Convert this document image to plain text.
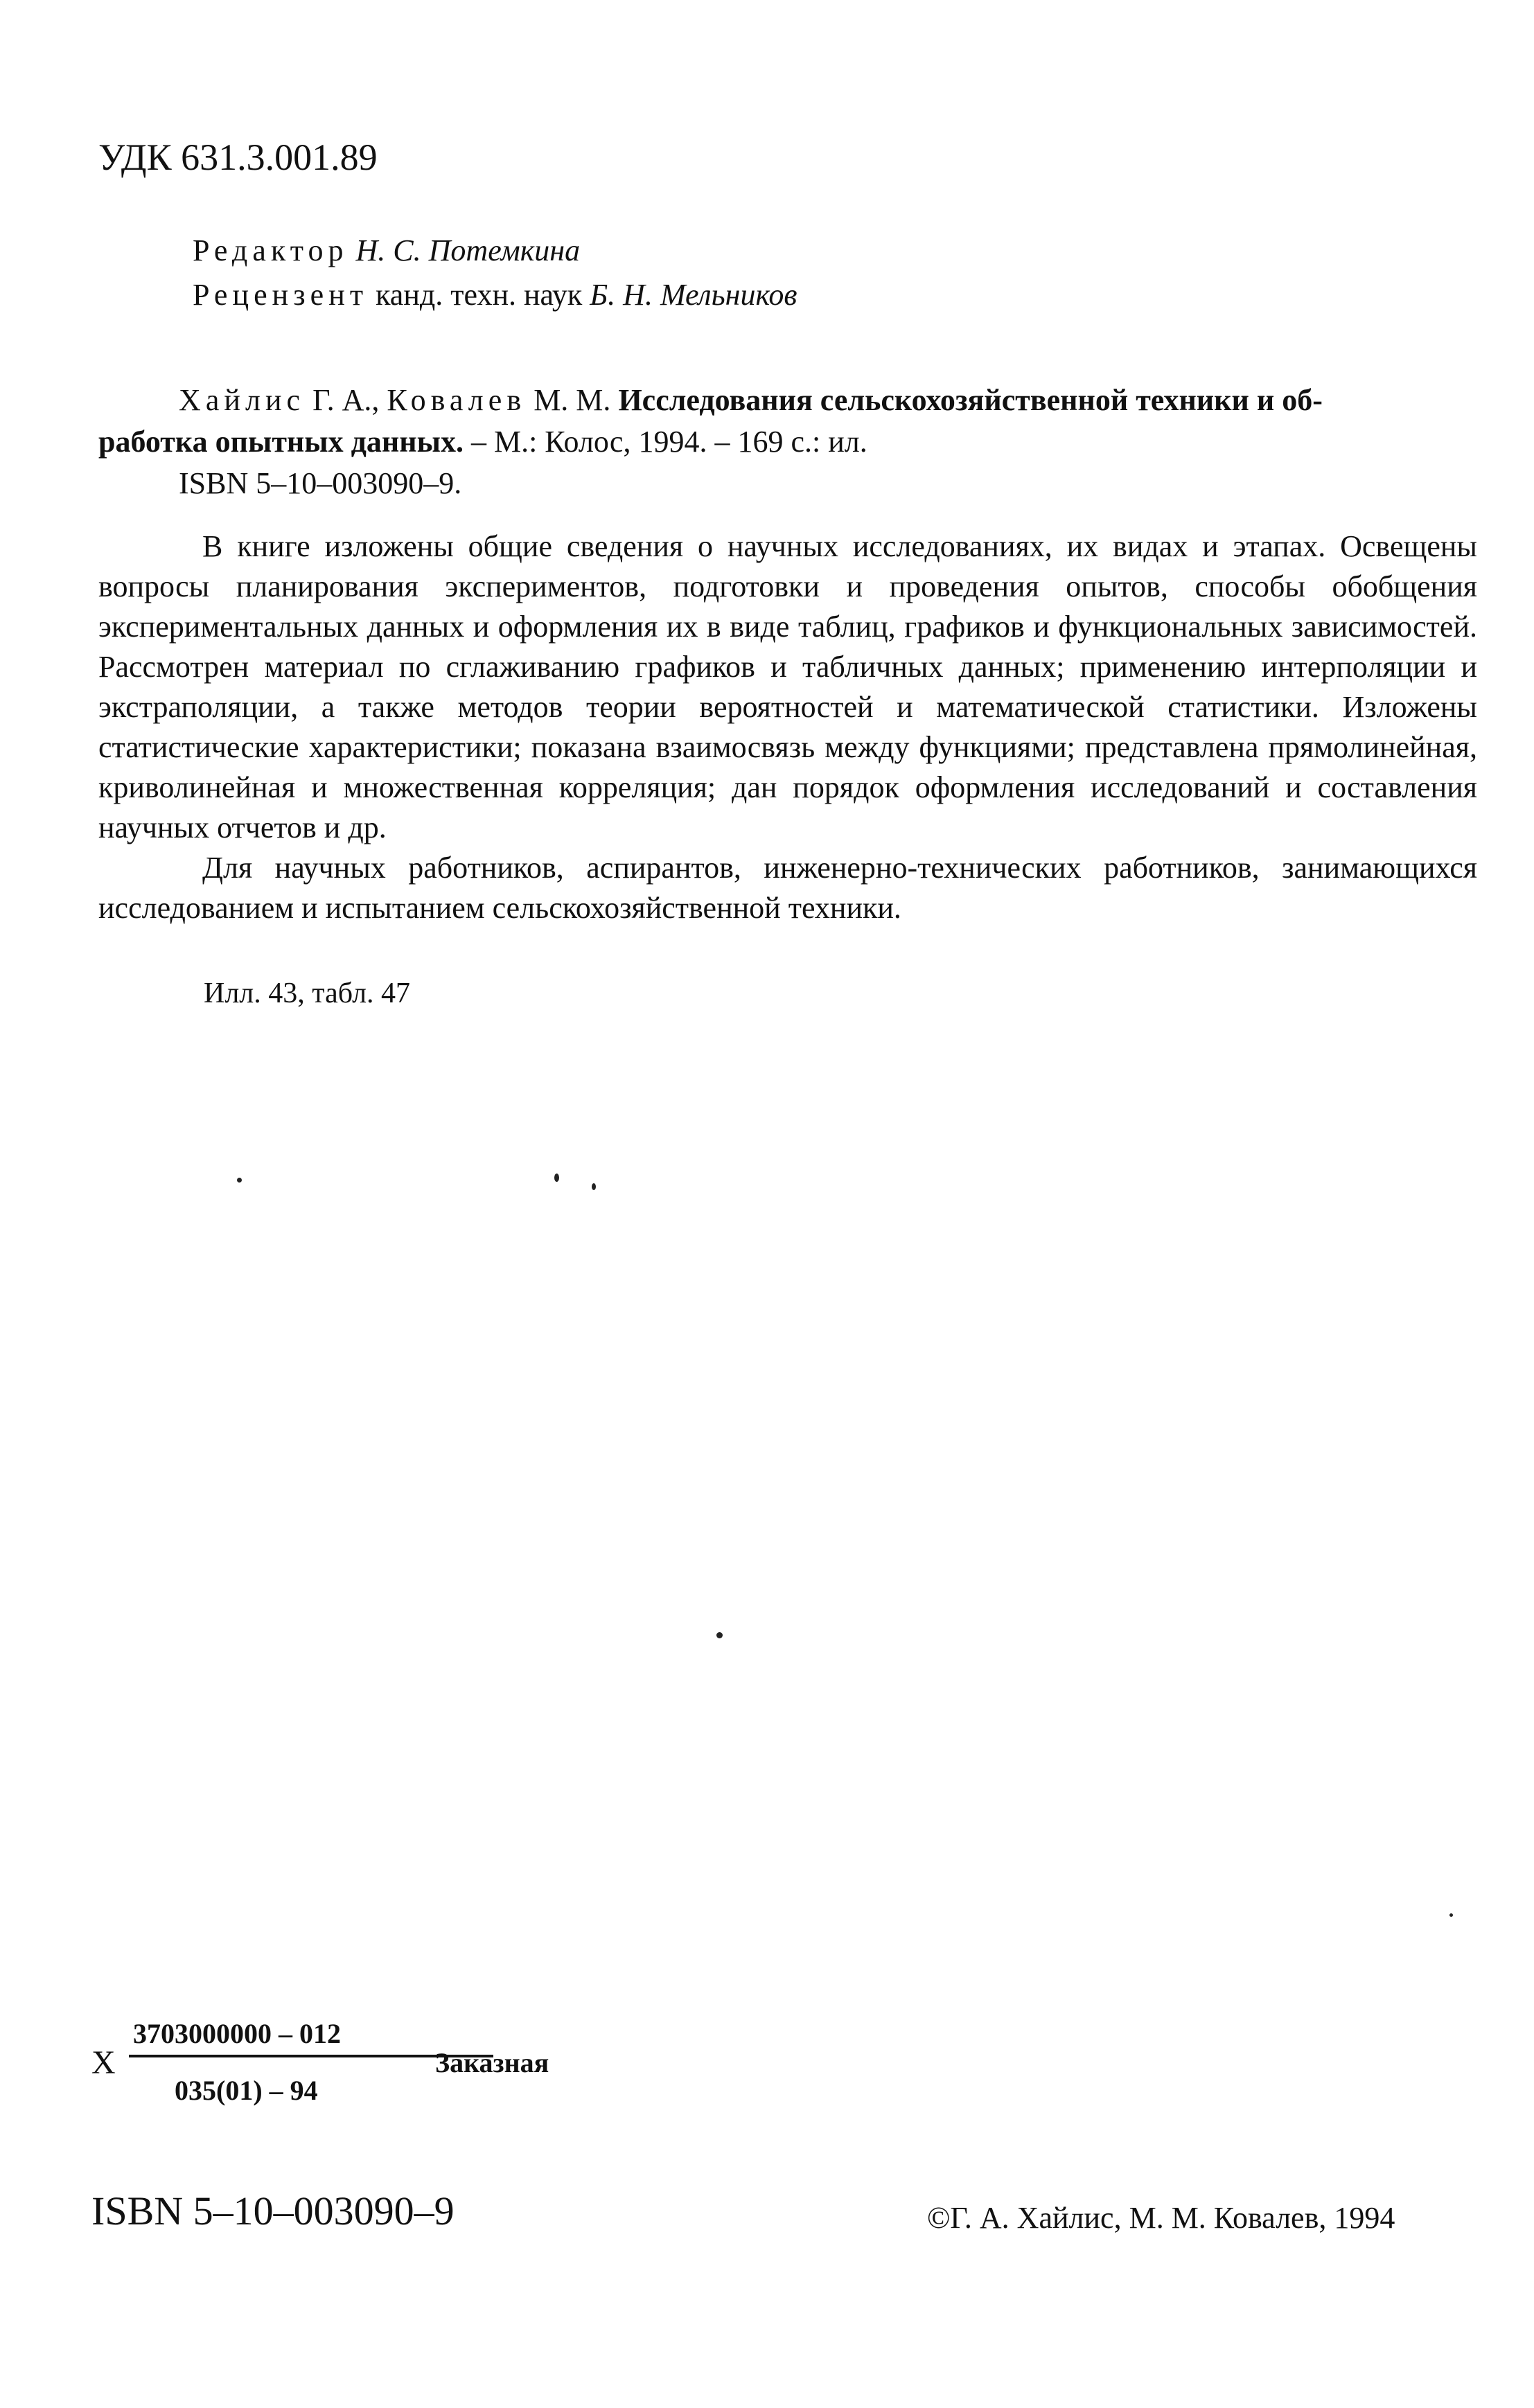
УДК 631.3.001.89
Редактор Н. С. Потемкина
Рецензент канд. техн. наук Б. Н. Мельников
Хайлис Г. А., Ковалев М. М. Исследования сельскохозяйственной техники и об-
работка опытных данных. – М.: Колос, 1994. – 169 с.: ил.
ISBN 5–10–003090–9.

В книге изложены общие сведения о научных исследованиях, их видах и этапах. Освещены вопросы планирования экспериментов, подготовки и проведения опытов, способы обобщения экспериментальных данных и оформления их в виде таблиц, графиков и функциональных зависимостей. Рассмотрен материал по сглаживанию графиков и табличных данных; применению интерполяции и экстраполяции, а также методов теории вероятностей и математической статистики. Изложены статистические характеристики; показана взаимосвязь между функциями; представлена прямолинейная, криволинейная и множественная корреляция; дан порядок оформления исследований и составления научных отчетов и др.

Для научных работников, аспирантов, инженерно-технических работников, занимающихся исследованием и испытанием сельскохозяйственной техники.

Илл. 43, табл. 47
Х
3703000000 – 012
035(01) – 94
Заказная
ISBN 5–10–003090–9	©Г. А. Хайлис, М. М. Ковалев, 1994
